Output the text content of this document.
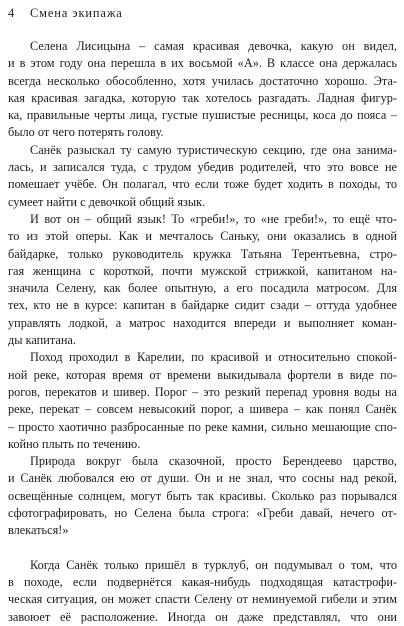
4 Смена экипажа
Селена Лисицына – самая красивая девочка, какую он видел,
и в этом году она перешла в их восьмой «А». В классе она держалась
всегда несколько обособленно, хотя училась достаточно хорошо. Эта-
кая красивая загадка, которую так хотелось разгадать. Ладная фигур-
ка, правильные черты лица, густые пушистые ресницы, коса до пояса –
было от чего потерять голову.
Санёк разыскал ту самую туристическую секцию, где она занима-
лась, и записался туда, с трудом убедив родителей, что это вовсе не
помешает учёбе. Он полагал, что если тоже будет ходить в походы, то
сумеет найти с девочкой общий язык.
И вот он – общий язык! То «греби!», то «не греби!», то ещё что-
то из этой оперы. Как и мечталось Саньку, они оказались в одной
байдарке, только руководитель кружка Татьяна Терентьевна, стро-
гая женщина с короткой, почти мужской стрижкой, капитаном на-
значила Селену, как более опытную, а его посадила матросом. Для
тех, кто не в курсе: капитан в байдарке сидит сзади – оттуда удобнее
управлять лодкой, а матрос находится впереди и выполняет коман-
ды капитана.
Поход проходил в Карелии, по красивой и относительно спокой-
ной реке, которая время от времени выкидывала фортели в виде по-
рогов, перекатов и шивер. Порог – это резкий перепад уровня воды на
реке, перекат – совсем невысокий порог, а шивера – как понял Санёк
– просто хаотично разбросанные по реке камни, сильно мешающие спо-
койно плыть по течению.
Природа вокруг была сказочной, просто Берендеево царство,
и Санёк любовался ею от души. Он и не знал, что сосны над рекой,
освещённые солнцем, могут быть так красивы. Сколько раз порывался
сфотографировать, но Селена была строга: «Греби давай, нечего от-
влекаться!»
Когда Санёк только пришёл в турклуб, он подумывал о том, что
в походе, если подвернётся какая-нибудь подходящая катастрофи-
ческая ситуация, он может спасти Селену от неминуемой гибели и этим
завоюет её расположение. Иногда он даже представлял, что они
